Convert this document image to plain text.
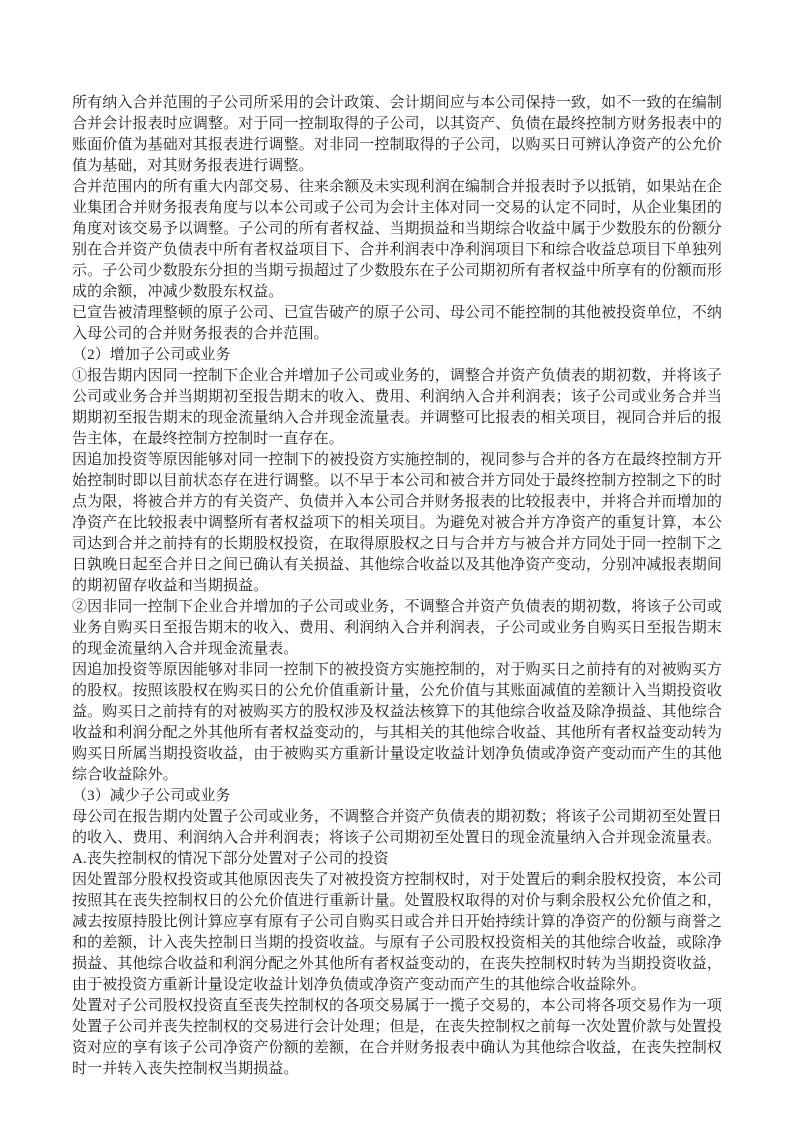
所有纳入合并范围的子公司所采用的会计政策、会计期间应与本公司保持一致，如不一致的在编制合并会计报表时应调整。对于同一控制取得的子公司，以其资产、负债在最终控制方财务报表中的账面价值为基础对其报表进行调整。对非同一控制取得的子公司，以购买日可辨认净资产的公允价值为基础，对其财务报表进行调整。

合并范围内的所有重大内部交易、往来余额及未实现利润在编制合并报表时予以抵销，如果站在企业集团合并财务报表角度与以本公司或子公司为会计主体对同一交易的认定不同时，从企业集团的角度对该交易予以调整。子公司的所有者权益、当期损益和当期综合收益中属于少数股东的份额分别在合并资产负债表中所有者权益项目下、合并利润表中净利润项目下和综合收益总项目下单独列示。子公司少数股东分担的当期亏损超过了少数股东在子公司期初所有者权益中所享有的份额而形成的余额，冲减少数股东权益。

已宣告被清理整顿的原子公司、已宣告破产的原子公司、母公司不能控制的其他被投资单位，不纳入母公司的合并财务报表的合并范围。

（2）增加子公司或业务

①报告期内因同一控制下企业合并增加子公司或业务的，调整合并资产负债表的期初数，并将该子公司或业务合并当期期初至报告期末的收入、费用、利润纳入合并利润表；该子公司或业务合并当期期初至报告期末的现金流量纳入合并现金流量表。并调整可比报表的相关项目，视同合并后的报告主体，在最终控制方控制时一直存在。

因追加投资等原因能够对同一控制下的被投资方实施控制的，视同参与合并的各方在最终控制方开始控制时即以目前状态存在进行调整。以不早于本公司和被合并方同处于最终控制方控制之下的时点为限，将被合并方的有关资产、负债并入本公司合并财务报表的比较报表中，并将合并而增加的净资产在比较报表中调整所有者权益项下的相关项目。为避免对被合并方净资产的重复计算，本公司达到合并之前持有的长期股权投资，在取得原股权之日与合并方与被合并方同处于同一控制下之日孰晚日起至合并日之间已确认有关损益、其他综合收益以及其他净资产变动，分别冲减报表期间的期初留存收益和当期损益。

②因非同一控制下企业合并增加的子公司或业务，不调整合并资产负债表的期初数，将该子公司或业务自购买日至报告期末的收入、费用、利润纳入合并利润表，子公司或业务自购买日至报告期末的现金流量纳入合并现金流量表。

因追加投资等原因能够对非同一控制下的被投资方实施控制的，对于购买日之前持有的对被购买方的股权。按照该股权在购买日的公允价值重新计量，公允价值与其账面减值的差额计入当期投资收益。购买日之前持有的对被购买方的股权涉及权益法核算下的其他综合收益及除净损益、其他综合收益和利润分配之外其他所有者权益变动的，与其相关的其他综合收益、其他所有者权益变动转为购买日所属当期投资收益，由于被购买方重新计量设定收益计划净负债或净资产变动而产生的其他综合收益除外。

（3）减少子公司或业务

母公司在报告期内处置子公司或业务，不调整合并资产负债表的期初数；将该子公司期初至处置日的收入、费用、利润纳入合并利润表；将该子公司期初至处置日的现金流量纳入合并现金流量表。

A.丧失控制权的情况下部分处置对子公司的投资

因处置部分股权投资或其他原因丧失了对被投资方控制权时，对于处置后的剩余股权投资，本公司按照其在丧失控制权日的公允价值进行重新计量。处置股权取得的对价与剩余股权公允价值之和，减去按原持股比例计算应享有原有子公司自购买日或合并日开始持续计算的净资产的份额与商誉之和的差额，计入丧失控制日当期的投资收益。与原有子公司股权投资相关的其他综合收益，或除净损益、其他综合收益和利润分配之外其他所有者权益变动的，在丧失控制权时转为当期投资收益，由于被投资方重新计量设定收益计划净负债或净资产变动而产生的其他综合收益除外。

处置对子公司股权投资直至丧失控制权的各项交易属于一揽子交易的，本公司将各项交易作为一项处置子公司并丧失控制权的交易进行会计处理；但是，在丧失控制权之前每一次处置价款与处置投资对应的享有该子公司净资产份额的差额，在合并财务报表中确认为其他综合收益，在丧失控制权时一并转入丧失控制权当期损益。
